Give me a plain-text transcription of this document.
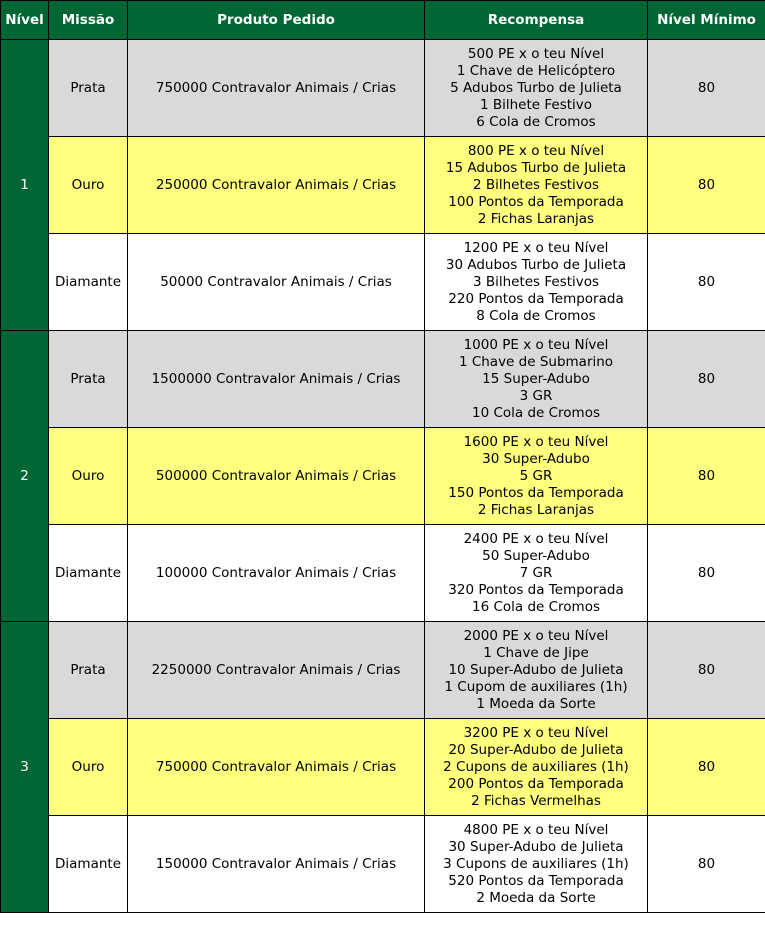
Nível	Missão	Produto Pedido	Recompensa	Nível Mínimo
1	Prata	750000 Contravalor Animais / Crias	500 PE x o teu Nível
1 Chave de Helicóptero
5 Adubos Turbo de Julieta
1 Bilhete Festivo
6 Cola de Cromos	80
	Ouro	250000 Contravalor Animais / Crias	800 PE x o teu Nível
15 Adubos Turbo de Julieta
2 Bilhetes Festivos
100 Pontos da Temporada
2 Fichas Laranjas	80
	Diamante	50000 Contravalor Animais / Crias	1200 PE x o teu Nível
30 Adubos Turbo de Julieta
3 Bilhetes Festivos
220 Pontos da Temporada
8 Cola de Cromos	80
2	Prata	1500000 Contravalor Animais / Crias	1000 PE x o teu Nível
1 Chave de Submarino
15 Super-Adubo
3 GR
10 Cola de Cromos	80
	Ouro	500000 Contravalor Animais / Crias	1600 PE x o teu Nível
30 Super-Adubo
5 GR
150 Pontos da Temporada
2 Fichas Laranjas	80
	Diamante	100000 Contravalor Animais / Crias	2400 PE x o teu Nível
50 Super-Adubo
7 GR
320 Pontos da Temporada
16 Cola de Cromos	80
3	Prata	2250000 Contravalor Animais / Crias	2000 PE x o teu Nível
1 Chave de Jipe
10 Super-Adubo de Julieta
1 Cupom de auxiliares (1h)
1 Moeda da Sorte	80
	Ouro	750000 Contravalor Animais / Crias	3200 PE x o teu Nível
20 Super-Adubo de Julieta
2 Cupons de auxiliares (1h)
200 Pontos da Temporada
2 Fichas Vermelhas	80
	Diamante	150000 Contravalor Animais / Crias	4800 PE x o teu Nível
30 Super-Adubo de Julieta
3 Cupons de auxiliares (1h)
520 Pontos da Temporada
2 Moeda da Sorte	80
